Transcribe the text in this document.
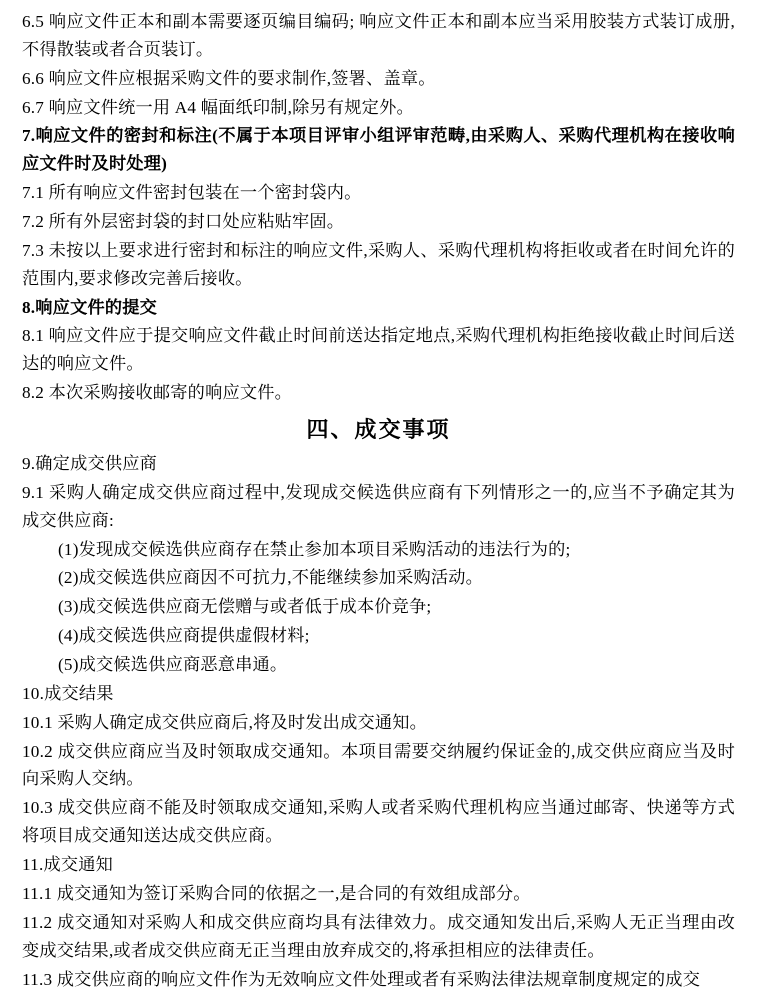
6.5 响应文件正本和副本需要逐页编目编码; 响应文件正本和副本应当采用胶装方式装订成册,不得散装或者合页装订。

6.6 响应文件应根据采购文件的要求制作,签署、盖章。

6.7 响应文件统一用 A4 幅面纸印制,除另有规定外。

7.响应文件的密封和标注(不属于本项目评审小组评审范畴,由采购人、采购代理机构在接收响应文件时及时处理)

7.1 所有响应文件密封包装在一个密封袋内。

7.2 所有外层密封袋的封口处应粘贴牢固。

7.3 未按以上要求进行密封和标注的响应文件,采购人、采购代理机构将拒收或者在时间允许的范围内,要求修改完善后接收。

8.响应文件的提交

8.1 响应文件应于提交响应文件截止时间前送达指定地点,采购代理机构拒绝接收截止时间后送达的响应文件。

8.2 本次采购接收邮寄的响应文件。

四、成交事项

9.确定成交供应商

9.1 采购人确定成交供应商过程中,发现成交候选供应商有下列情形之一的,应当不予确定其为成交供应商:

(1)发现成交候选供应商存在禁止参加本项目采购活动的违法行为的;

(2)成交候选供应商因不可抗力,不能继续参加采购活动。

(3)成交候选供应商无偿赠与或者低于成本价竞争;

(4)成交候选供应商提供虚假材料;

(5)成交候选供应商恶意串通。

10.成交结果

10.1 采购人确定成交供应商后,将及时发出成交通知。

10.2 成交供应商应当及时领取成交通知。本项目需要交纳履约保证金的,成交供应商应当及时向采购人交纳。

10.3 成交供应商不能及时领取成交通知,采购人或者采购代理机构应当通过邮寄、快递等方式将项目成交通知送达成交供应商。

11.成交通知

11.1 成交通知为签订采购合同的依据之一,是合同的有效组成部分。

11.2 成交通知对采购人和成交供应商均具有法律效力。成交通知发出后,采购人无正当理由改变成交结果,或者成交供应商无正当理由放弃成交的,将承担相应的法律责任。

11.3 成交供应商的响应文件作为无效响应文件处理或者有采购法律法规章制度规定的成交
